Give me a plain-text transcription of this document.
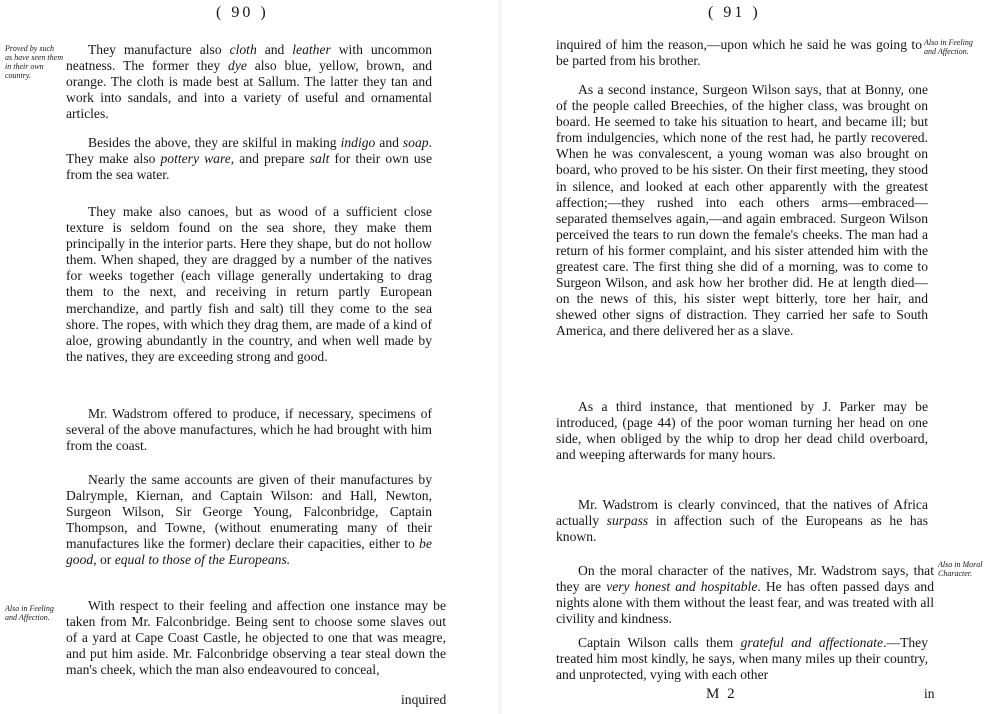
( 90 )

Proved by such as have seen them in their own country.

Also in Feeling and Affection.

They manufacture also cloth and leather with uncommon neatness. The former they dye also blue, yellow, brown, and orange. The cloth is made best at Sallum. The latter they tan and work into sandals, and into a variety of useful and ornamental articles.

Besides the above, they are skilful in making indigo and soap. They make also pottery ware, and prepare salt for their own use from the sea water.

They make also canoes, but as wood of a sufficient close texture is seldom found on the sea shore, they make them principally in the interior parts. Here they shape, but do not hollow them. When shaped, they are dragged by a number of the natives for weeks together (each village generally undertaking to drag them to the next, and receiving in return partly European merchandize, and partly fish and salt) till they come to the sea shore. The ropes, with which they drag them, are made of a kind of aloe, growing abundantly in the country, and when well made by the natives, they are exceeding strong and good.

Mr. Wadstrom offered to produce, if necessary, specimens of several of the above manufactures, which he had brought with him from the coast.

Nearly the same accounts are given of their manufactures by Dalrymple, Kiernan, and Captain Wilson: and Hall, Newton, Surgeon Wilson, Sir George Young, Falconbridge, Captain Thompson, and Towne, (without enumerating many of their manufactures like the former) declare their capacities, either to be good, or equal to those of the Europeans.

With respect to their feeling and affection one instance may be taken from Mr. Falconbridge. Being sent to choose some slaves out of a yard at Cape Coast Castle, he objected to one that was meagre, and put him aside. Mr. Falconbridge observing a tear steal down the man's cheek, which the man also endeavoured to conceal,

inquired
( 91 )

Also in Feeling and Affection.

Also in Moral Character.

inquired of him the reason,—upon which he said he was going to be parted from his brother.

As a second instance, Surgeon Wilson says, that at Bonny, one of the people called Breechies, of the higher class, was brought on board. He seemed to take his situation to heart, and became ill; but from indulgencies, which none of the rest had, he partly recovered. When he was convalescent, a young woman was also brought on board, who proved to be his sister. On their first meeting, they stood in silence, and looked at each other apparently with the greatest affection;—they rushed into each others arms—embraced—separated themselves again,—and again embraced. Surgeon Wilson perceived the tears to run down the female's cheeks. The man had a return of his former complaint, and his sister attended him with the greatest care. The first thing she did of a morning, was to come to Surgeon Wilson, and ask how her brother did. He at length died—on the news of this, his sister wept bitterly, tore her hair, and shewed other signs of distraction. They carried her safe to South America, and there delivered her as a slave.

As a third instance, that mentioned by J. Parker may be introduced, (page 44) of the poor woman turning her head on one side, when obliged by the whip to drop her dead child overboard, and weeping afterwards for many hours.

Mr. Wadstrom is clearly convinced, that the natives of Africa actually surpass in affection such of the Europeans as he has known.

On the moral character of the natives, Mr. Wadstrom says, that they are very honest and hospitable. He has often passed days and nights alone with them without the least fear, and was treated with all civility and kindness.

Captain Wilson calls them grateful and affectionate.—They treated him most kindly, he says, when many miles up their country, and unprotected, vying with each other

M 2	in
